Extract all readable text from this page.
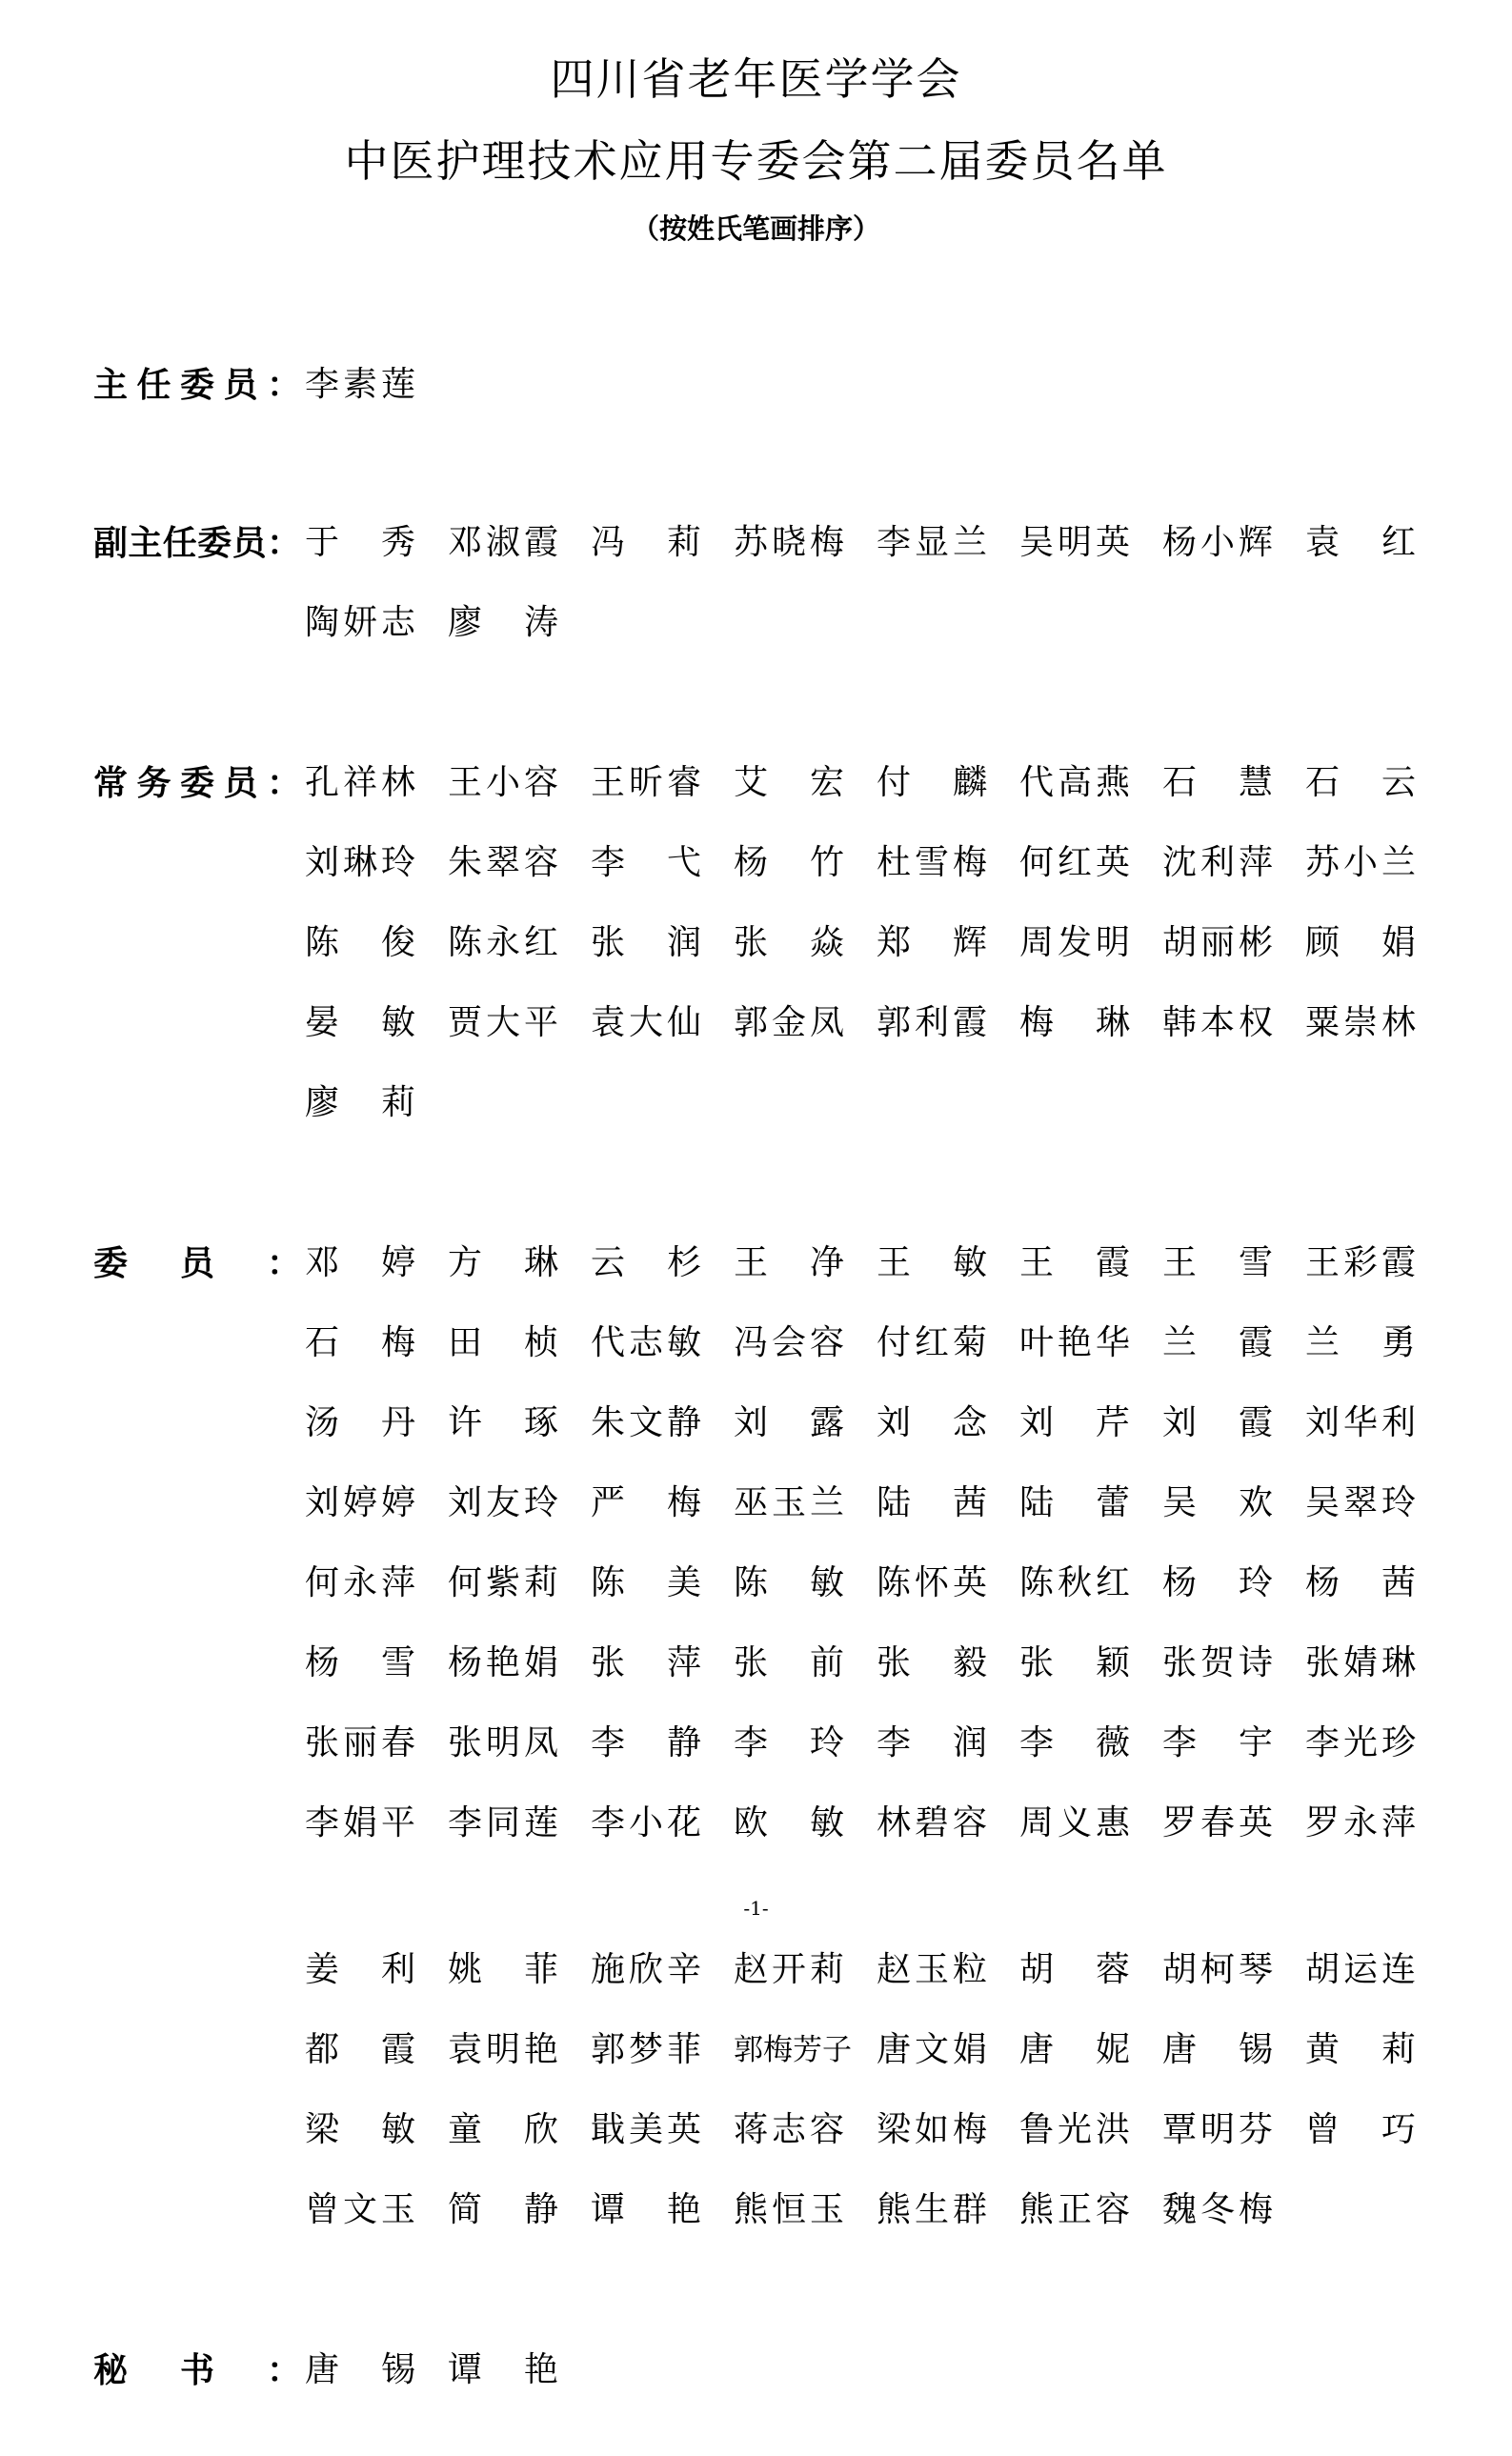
四川省老年医学学会
中医护理技术应用专委会第二届委员名单
（按姓氏笔画排序）
主 任 委 员 ： 李 素 莲
副 主 任 委 员 ： 于 秀 邓 淑 霞 冯 莉 苏 晓 梅 李 显 兰 吴 明 英 杨 小 辉 袁 红
陶 妍 志 廖 涛
常 务 委 员 ： 孔 祥 林 王 小 容 王 昕 睿 艾 宏 付 麟 代 高 燕 石 慧 石 云
刘 琳 玲 朱 翠 容 李 弋 杨 竹 杜 雪 梅 何 红 英 沈 利 萍 苏 小 兰
陈 俊 陈 永 红 张 润 张 焱 郑 辉 周 发 明 胡 丽 彬 顾 娟
晏 敏 贾 大 平 袁 大 仙 郭 金 凤 郭 利 霞 梅 琳 韩 本 权 粟 崇 林
廖 莉
委 员 ： 邓 婷 方 琳 云 杉 王 净 王 敏 王 霞 王 雪 王 彩 霞
石 梅 田 桢 代 志 敏 冯 会 容 付 红 菊 叶 艳 华 兰 霞 兰 勇
汤 丹 许 琢 朱 文 静 刘 露 刘 念 刘 芹 刘 霞 刘 华 利
刘 婷 婷 刘 友 玲 严 梅 巫 玉 兰 陆 茜 陆 蕾 吴 欢 吴 翠 玲
何 永 萍 何 紫 莉 陈 美 陈 敏 陈 怀 英 陈 秋 红 杨 玲 杨 茜
杨 雪 杨 艳 娟 张 萍 张 前 张 毅 张 颖 张 贺 诗 张 婧 琳
张 丽 春 张 明 凤 李 静 李 玲 李 润 李 薇 李 宇 李 光 珍
李 娟 平 李 同 莲 李 小 花 欧 敏 林 碧 容 周 义 惠 罗 春 英 罗 永 萍
姜 利 姚 菲 施 欣 辛 赵 开 莉 赵 玉 粒 胡 蓉 胡 柯 琴 胡 运 连
都 霞 袁 明 艳 郭 梦 菲 郭 梅 芳 子 唐 文 娟 唐 妮 唐 锡 黄 莉
梁 敏 童 欣 戢 美 英 蒋 志 容 梁 如 梅 鲁 光 洪 覃 明 芬 曾 巧
曾 文 玉 简 静 谭 艳 熊 恒 玉 熊 生 群 熊 正 容 魏 冬 梅
秘 书 ： 唐 锡 谭 艳
-1-
